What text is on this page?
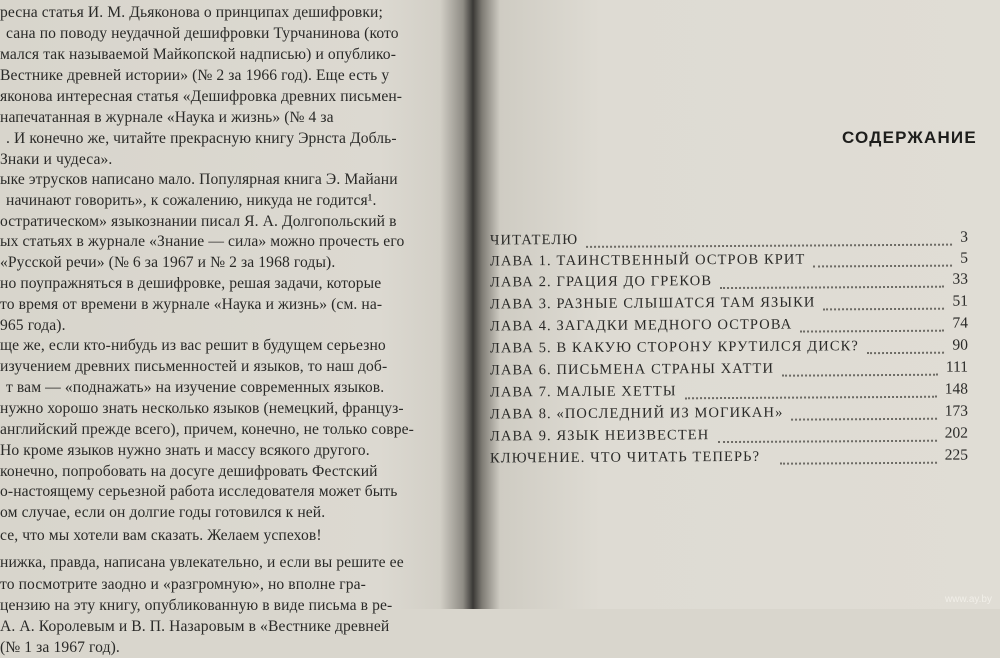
ресна статья И. М. Дьяконова о принципах дешифровки;
сана по поводу неудачной дешифровки Турчанинова (кото
мался так называемой Майкопской надписью) и опублико-
Вестнике древней истории» (№ 2 за 1966 год). Еще есть у
яконова интересная статья «Дешифровка древних письмен-
напечатанная в журнале «Наука и жизнь» (№ 4 за
. И конечно же, читайте прекрасную книгу Эрнста Добль-
Знаки и чудеса».
ыке этрусков написано мало. Популярная книга Э. Майани
начинают говорить», к сожалению, никуда не годится¹.
остратическом» языкознании писал Я. А. Долгопольский в
ых статьях в журнале «Знание — сила» можно прочесть его
«Русской речи» (№ 6 за 1967 и № 2 за 1968 годы).
но поупражняться в дешифровке, решая задачи, которые
то время от времени в журнале «Наука и жизнь» (см. на-
965 года).
ще же, если кто-нибудь из вас решит в будущем серьезно
изучением древних письменностей и языков, то наш доб-
т вам — «поднажать» на изучение современных языков.
нужно хорошо знать несколько языков (немецкий, француз-
английский прежде всего), причем, конечно, не только совре-
Но кроме языков нужно знать и массу всякого другого.
конечно, попробовать на досуге дешифровать Фестский
о-настоящему серьезной работа исследователя может быть
ом случае, если он долгие годы готовился к ней.
се, что мы хотели вам сказать. Желаем успехов!
нижка, правда, написана увлекательно, и если вы решите ее
то посмотрите заодно и «разгромную», но вполне гра-
цензию на эту книгу, опубликованную в виде письма в ре-
А. А. Королевым и В. П. Назаровым в «Вестнике древней
(№ 1 за 1967 год).
СОДЕРЖАНИЕ
ЧИТАТЕЛЮ	3
ЛАВА 1. ТАИНСТВЕННЫЙ ОСТРОВ КРИТ	5
ЛАВА 2. ГРАЦИЯ ДО ГРЕКОВ	33
ЛАВА 3. РАЗНЫЕ СЛЫШАТСЯ ТАМ ЯЗЫКИ	51
ЛАВА 4. ЗАГАДКИ МЕДНОГО ОСТРОВА	74
ЛАВА 5. В КАКУЮ СТОРОНУ КРУТИЛСЯ ДИСК?	90
ЛАВА 6. ПИСЬМЕНА СТРАНЫ ХАТТИ	111
ЛАВА 7. МАЛЫЕ ХЕТТЫ	148
ЛАВА 8. «ПОСЛЕДНИЙ ИЗ МОГИКАН»	173
ЛАВА 9. ЯЗЫК НЕИЗВЕСТЕН	202
КЛЮЧЕНИЕ. ЧТО ЧИТАТЬ ТЕПЕРЬ?	225
www.ay.by
